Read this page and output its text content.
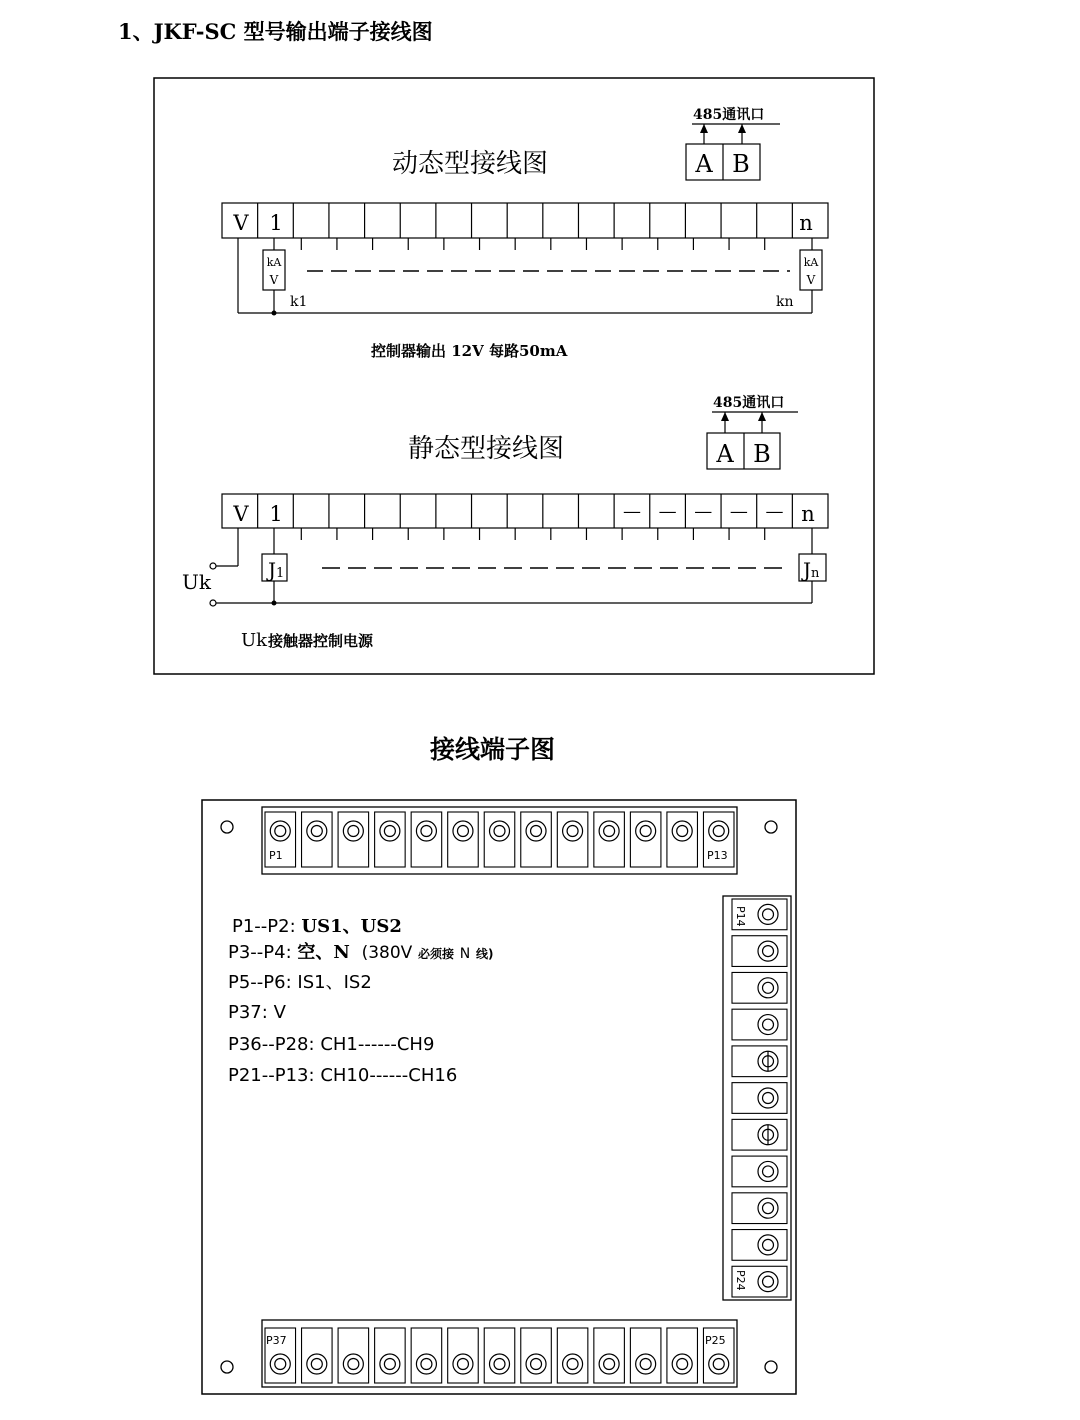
1、JKF-SC 型号输出端子接线图
动态型接线图
485通讯口
A B
V 1	n
kA
V
k1
kA
V
kn
控制器输出 12V 每路50mA
静态型接线图
485通讯口
A B
— — — — —
V 1	n
Uk	J1	Jn
Uk 接触器控制电源
接线端子图
P1	P13
P14
P24
P37	P25
P1--P2: US1、US2
P3--P4: 空、N (380V 必须接 N 线)
P5--P6: IS1、IS2
P37: V
P36--P28: CH1------CH9
P21--P13: CH10------CH16
